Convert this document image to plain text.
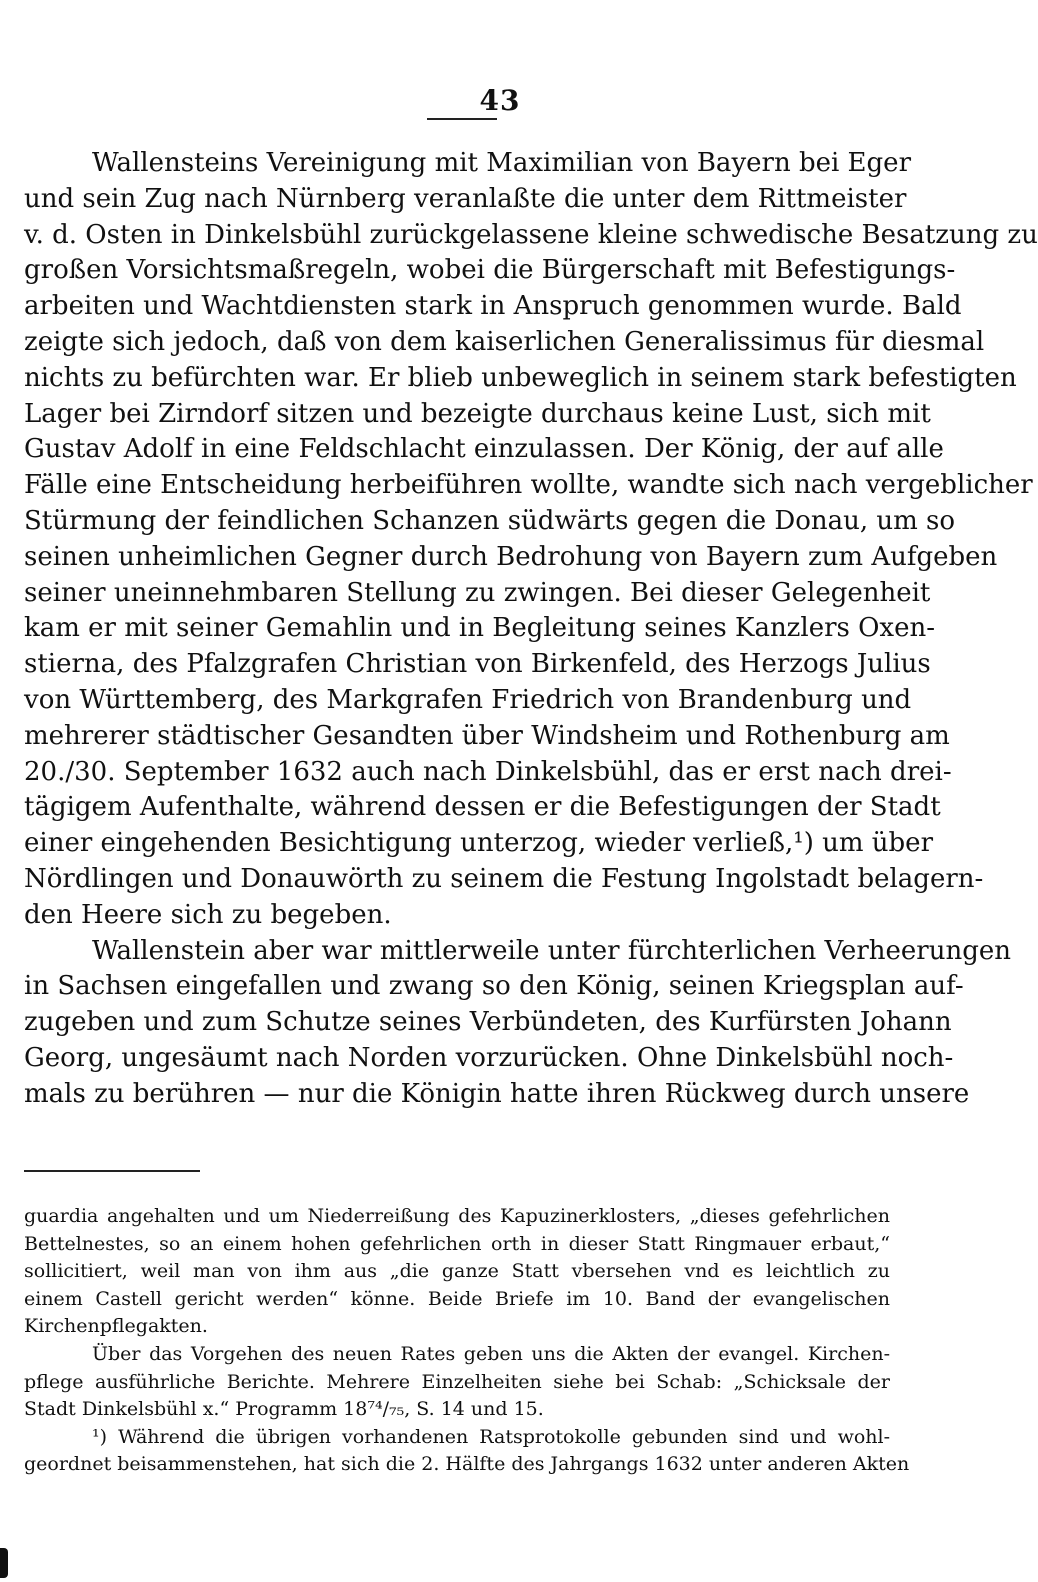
43
Wallensteins Vereinigung mit Maximilian von Bayern bei Eger
und sein Zug nach Nürnberg veranlaßte die unter dem Rittmeister
v. d. Osten in Dinkelsbühl zurückgelassene kleine schwedische Besatzung zu
großen Vorsichtsmaßregeln, wobei die Bürgerschaft mit Befestigungs-
arbeiten und Wachtdiensten stark in Anspruch genommen wurde. Bald
zeigte sich jedoch, daß von dem kaiserlichen Generalissimus für diesmal
nichts zu befürchten war. Er blieb unbeweglich in seinem stark befestigten
Lager bei Zirndorf sitzen und bezeigte durchaus keine Lust, sich mit
Gustav Adolf in eine Feldschlacht einzulassen. Der König, der auf alle
Fälle eine Entscheidung herbeiführen wollte, wandte sich nach vergeblicher
Stürmung der feindlichen Schanzen südwärts gegen die Donau, um so
seinen unheimlichen Gegner durch Bedrohung von Bayern zum Aufgeben
seiner uneinnehmbaren Stellung zu zwingen. Bei dieser Gelegenheit
kam er mit seiner Gemahlin und in Begleitung seines Kanzlers Oxen-
stierna, des Pfalzgrafen Christian von Birkenfeld, des Herzogs Julius
von Württemberg, des Markgrafen Friedrich von Brandenburg und
mehrerer städtischer Gesandten über Windsheim und Rothenburg am
20./30. September 1632 auch nach Dinkelsbühl, das er erst nach drei-
tägigem Aufenthalte, während dessen er die Befestigungen der Stadt
einer eingehenden Besichtigung unterzog, wieder verließ,¹) um über
Nördlingen und Donauwörth zu seinem die Festung Ingolstadt belagern-
den Heere sich zu begeben.
Wallenstein aber war mittlerweile unter fürchterlichen Verheerungen
in Sachsen eingefallen und zwang so den König, seinen Kriegsplan auf-
zugeben und zum Schutze seines Verbündeten, des Kurfürsten Johann
Georg, ungesäumt nach Norden vorzurücken. Ohne Dinkelsbühl noch-
mals zu berühren — nur die Königin hatte ihren Rückweg durch unsere
guardia angehalten und um Niederreißung des Kapuzinerklosters, „dieses gefehrlichen
Bettelnestes, so an einem hohen gefehrlichen orth in dieser Statt Ringmauer erbaut,“
sollicitiert, weil man von ihm aus „die ganze Statt vbersehen vnd es leichtlich zu
einem Castell gericht werden“ könne. Beide Briefe im 10. Band der evangelischen
Kirchenpflegakten.
Über das Vorgehen des neuen Rates geben uns die Akten der evangel. Kirchen-
pflege ausführliche Berichte. Mehrere Einzelheiten siehe bei Schab: „Schicksale der
Stadt Dinkelsbühl x.“ Programm 18⁷⁴/₇₅, S. 14 und 15.
¹) Während die übrigen vorhandenen Ratsprotokolle gebunden sind und wohl-
geordnet beisammenstehen, hat sich die 2. Hälfte des Jahrgangs 1632 unter anderen Akten
